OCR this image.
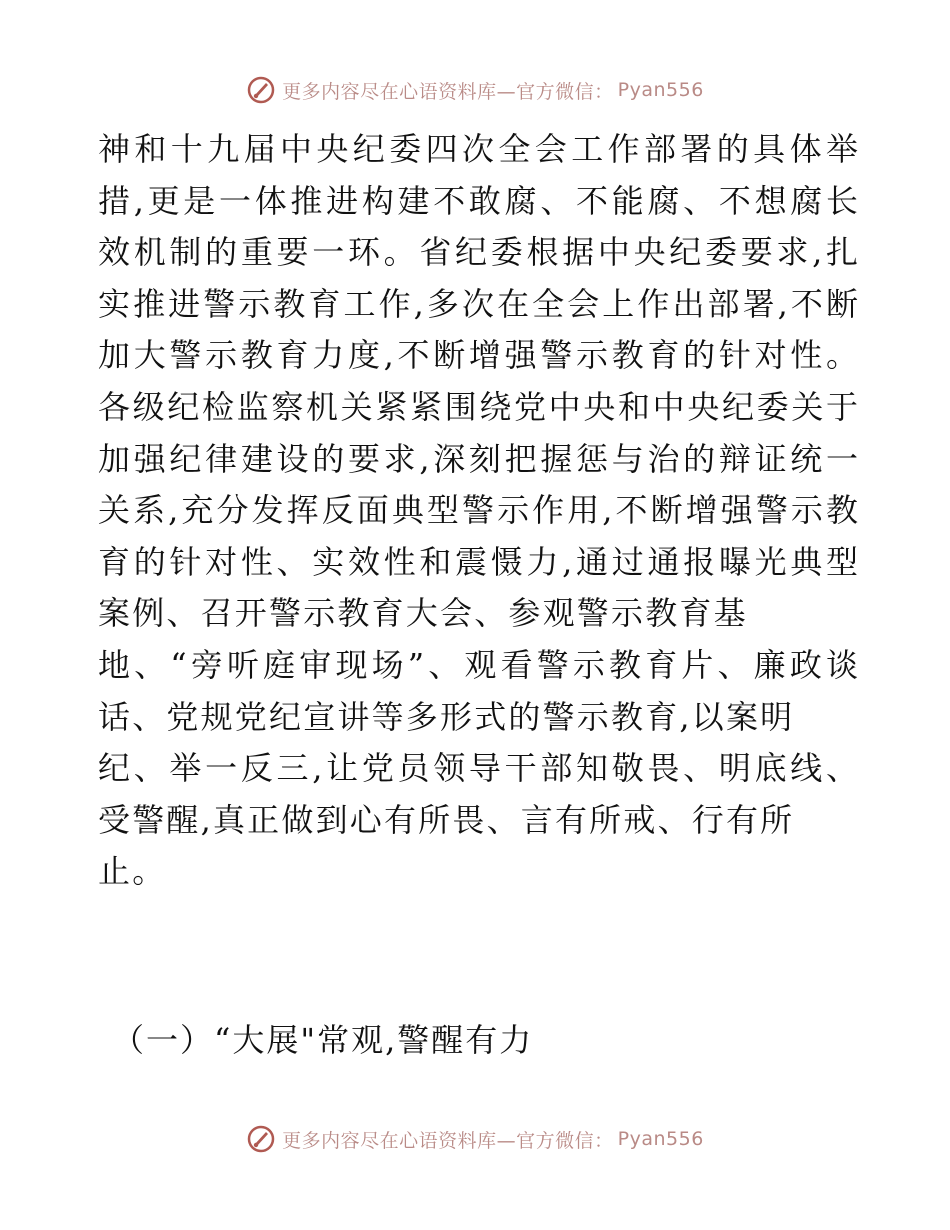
更多内容尽在心语资料库—官方微信： Pyan556
神和十九届中央纪委四次全会工作部署的具体举
措,更是一体推进构建不敢腐、不能腐、不想腐长
效机制的重要一环。省纪委根据中央纪委要求,扎
实推进警示教育工作,多次在全会上作出部署,不断
加大警示教育力度,不断增强警示教育的针对性。
各级纪检监察机关紧紧围绕党中央和中央纪委关于
加强纪律建设的要求,深刻把握惩与治的辩证统一
关系,充分发挥反面典型警示作用,不断增强警示教
育的针对性、实效性和震慑力,通过通报曝光典型
案例、召开警示教育大会、参观警示教育基
地、“旁听庭审现场”、观看警示教育片、廉政谈
话、党规党纪宣讲等多形式的警示教育,以案明
纪、举一反三,让党员领导干部知敬畏、明底线、
受警醒,真正做到心有所畏、言有所戒、行有所
止。
（一）“大展"常观,警醒有力
更多内容尽在心语资料库—官方微信： Pyan556
